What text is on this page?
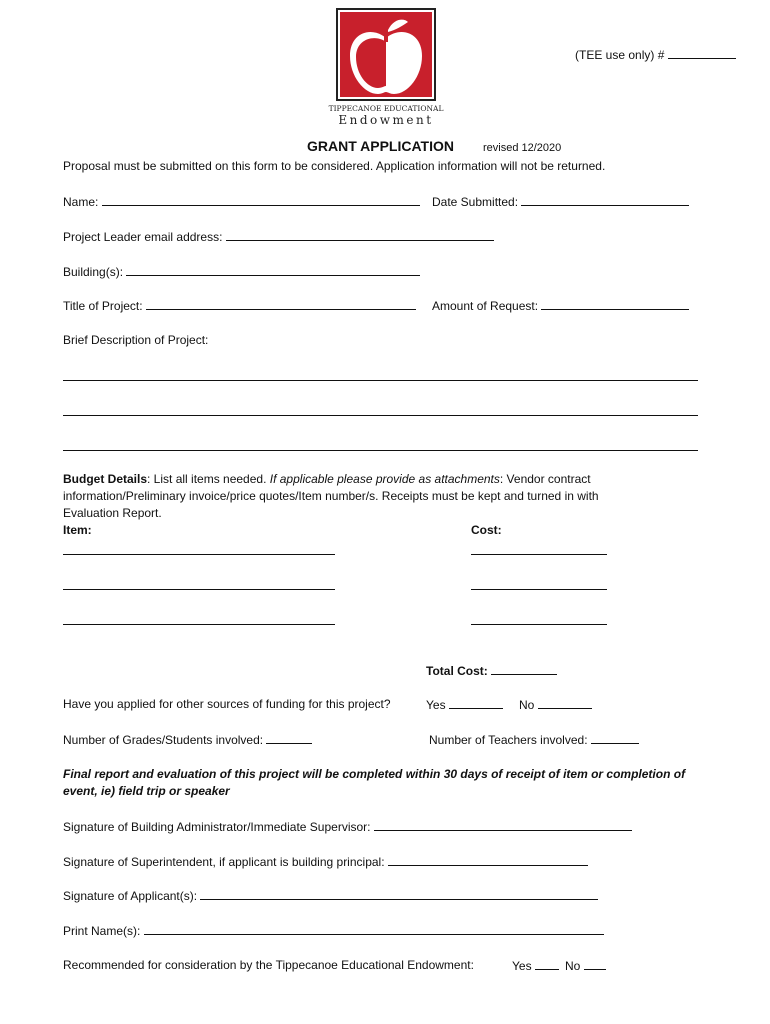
TIPPECANOE EDUCATIONAL
Endowment
(TEE use only) #
GRANT APPLICATION	revised 12/2020
Proposal must be submitted on this form to be considered. Application information will not be returned.
Name:	Date Submitted:
Project Leader email address:
Building(s):
Title of Project:	Amount of Request:
Brief Description of Project:
Budget Details: List all items needed. If applicable please provide as attachments: Vendor contract
information/Preliminary invoice/price quotes/Item number/s. Receipts must be kept and turned in with
Evaluation Report.
Item:	Cost:
Total Cost:
Have you applied for other sources of funding for this project?	Yes	No
Number of Grades/Students involved:	Number of Teachers involved:
Final report and evaluation of this project will be completed within 30 days of receipt of item or completion of
event, ie) field trip or speaker
Signature of Building Administrator/Immediate Supervisor:
Signature of Superintendent, if applicant is building principal:
Signature of Applicant(s):
Print Name(s):
Recommended for consideration by the Tippecanoe Educational Endowment:	Yes	No
